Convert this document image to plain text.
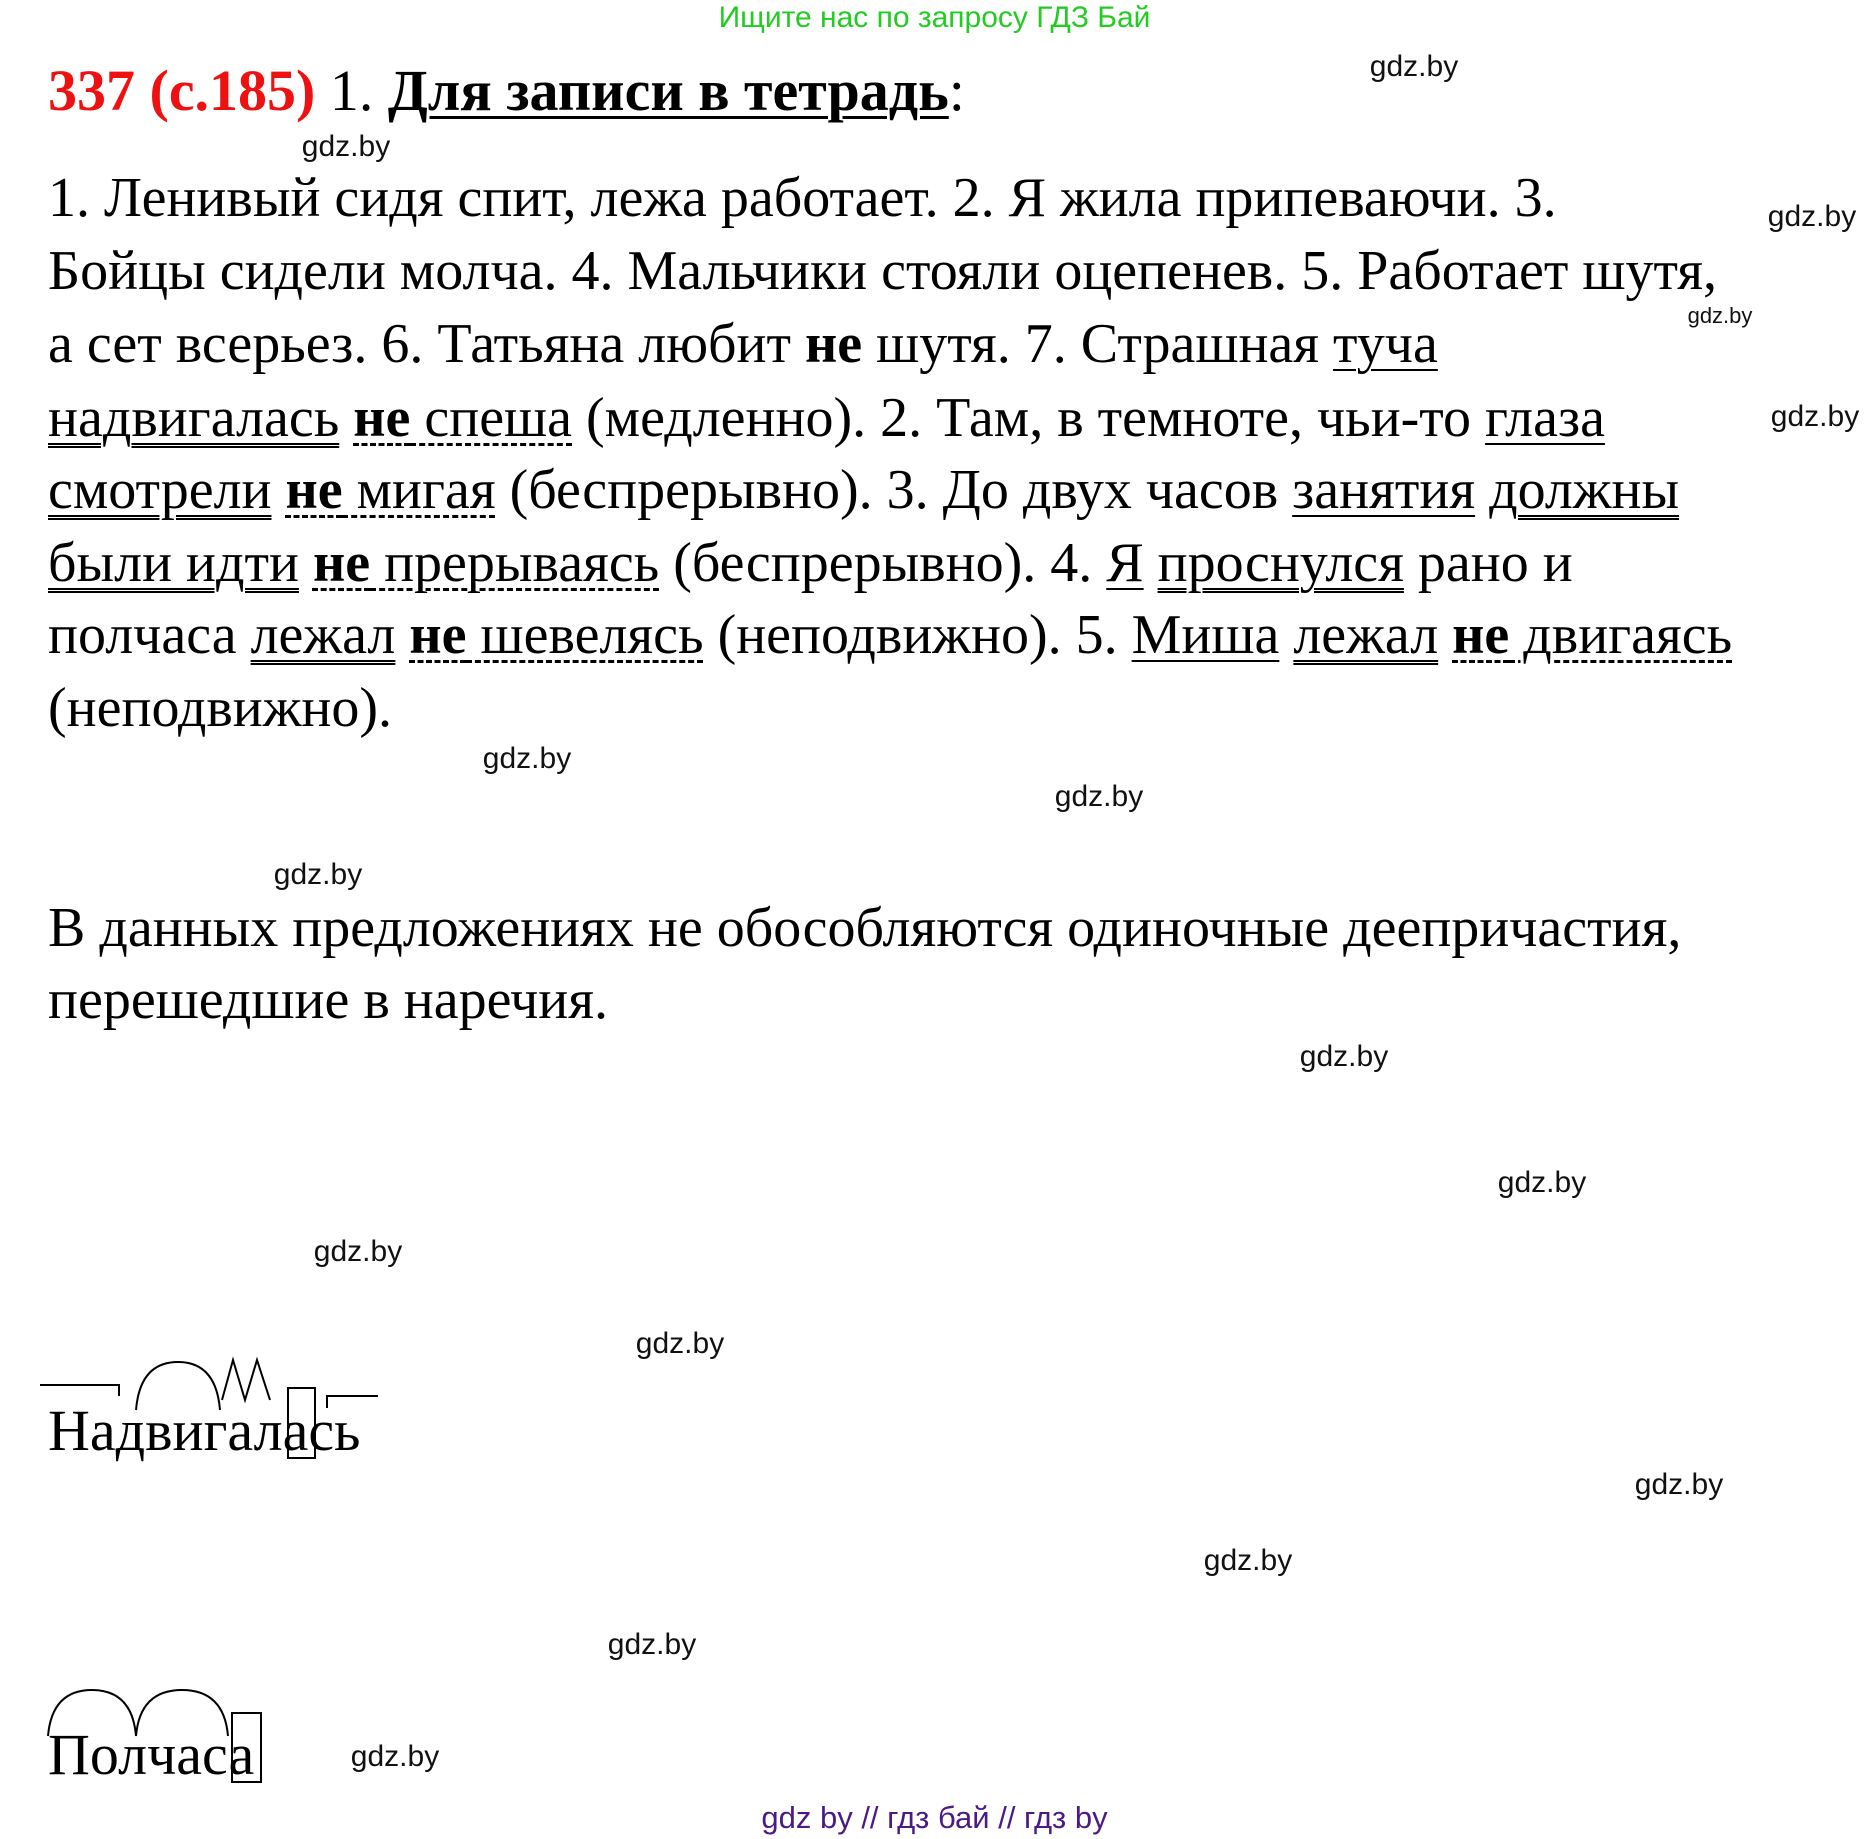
Ищите нас по запросу ГДЗ Бай
337 (с.185) 1. Для записи в тетрадь:
1. Ленивый сидя спит, лежа работает. 2. Я жила припеваючи. 3.
Бойцы сидели молча. 4. Мальчики стояли оцепенев. 5. Работает шутя,
а сет всерьез. 6. Татьяна любит не шутя. 7. Страшная туча
надвигалась не спеша (медленно). 2. Там, в темноте, чьи-то глаза
смотрели не мигая (беспрерывно). 3. До двух часов занятия должны
были идти не прерываясь (беспрерывно). 4. Я проснулся рано и
полчаса лежал не шевелясь (неподвижно). 5. Миша лежал не двигаясь
(неподвижно).
В данных предложениях не обособляются одиночные деепричастия,
перешедшие в наречия.
Надвигалась
Полчаса
gdz.by
gdz.by
gdz.by
gdz.by
gdz.by
gdz.by
gdz.by
gdz.by
gdz.by
gdz.by
gdz.by
gdz.by
gdz.by
gdz.by
gdz.by
gdz.by
gdz by // гдз бай // гдз by
